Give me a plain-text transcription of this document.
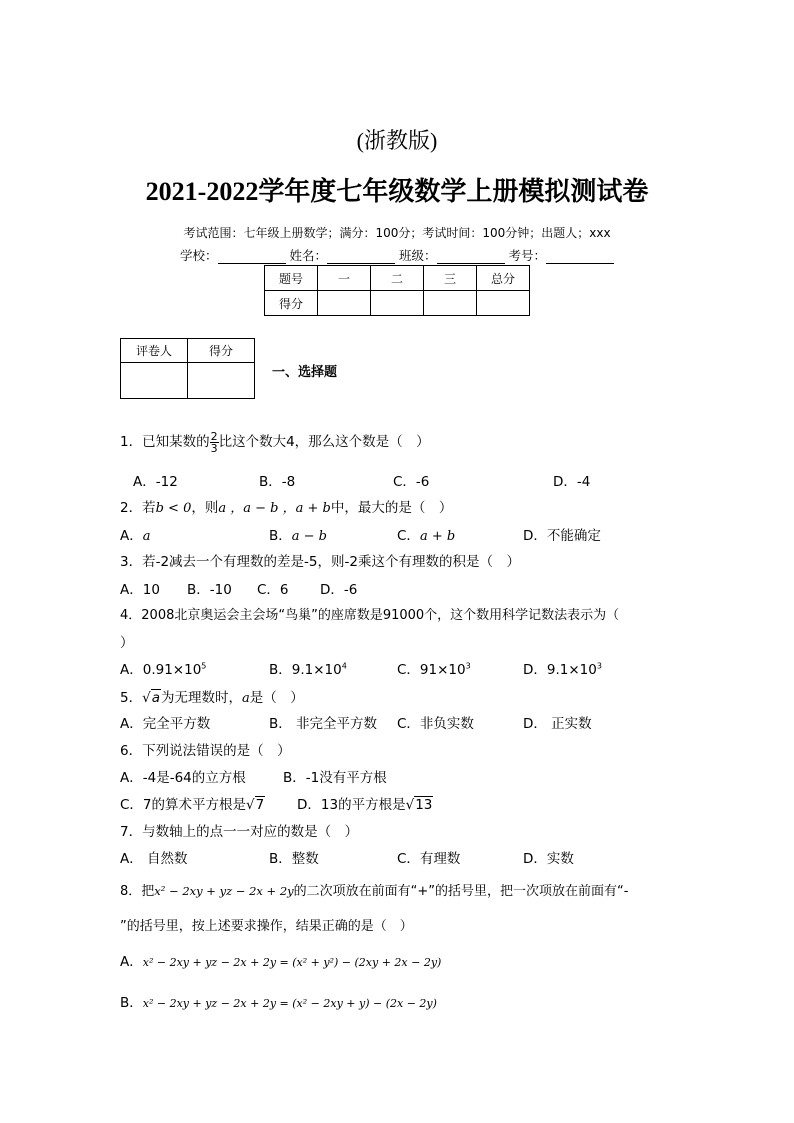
(浙教版)
2021-2022学年度七年级数学上册模拟测试卷
考试范围：七年级上册数学；满分：100分；考试时间：100分钟；出题人；xxx
学校：	姓名：	班级：	考号：
题号	一	二	三	总分
得分				
评卷人	得分

一、选择题
1．已知某数的 $\frac{2}{3}$ 比这个数大4，那么这个数是（　）
A．-12	B．-8	C．-6	D．-4
2．若b < 0，则a ，a − b ，a + b中，最大的是（　）
A．a	B．a − b	C．a + b	D．不能确定
3．若-2减去一个有理数的差是-5，则-2乘这个有理数的积是（　）
A．10 B．-10 C．6 D．-6
4．2008北京奥运会主会场“鸟巢”的座席数是91000个，这个数用科学记数法表示为（
）
A．$0.91\times 10^5$	B．$9.1\times 10^4$	C．$91\times 10^3$	D．$9.1\times 10^3$
5．√a为无理数时，a是（　）
A．完全平方数	B． 非完全平方数 C．非负实数	D． 正实数
6．下列说法错误的是（　）
A．-4是-64的立方根	B．-1没有平方根
C．7的算术平方根是√7 D．13的平方根是√13
7．与数轴上的点一一对应的数是（　）
A． 自然数	B．整数	C．有理数	D．实数
8．把x² − 2xy + yz − 2x + 2y的二次项放在前面有“+”的括号里，把一次项放在前面有“-
”的括号里，按上述要求操作，结果正确的是（　）
A．x² − 2xy + yz − 2x + 2y = (x² + y²) − (2xy + 2x − 2y)
B．x² − 2xy + yz − 2x + 2y = (x² − 2xy + y) − (2x − 2y)
